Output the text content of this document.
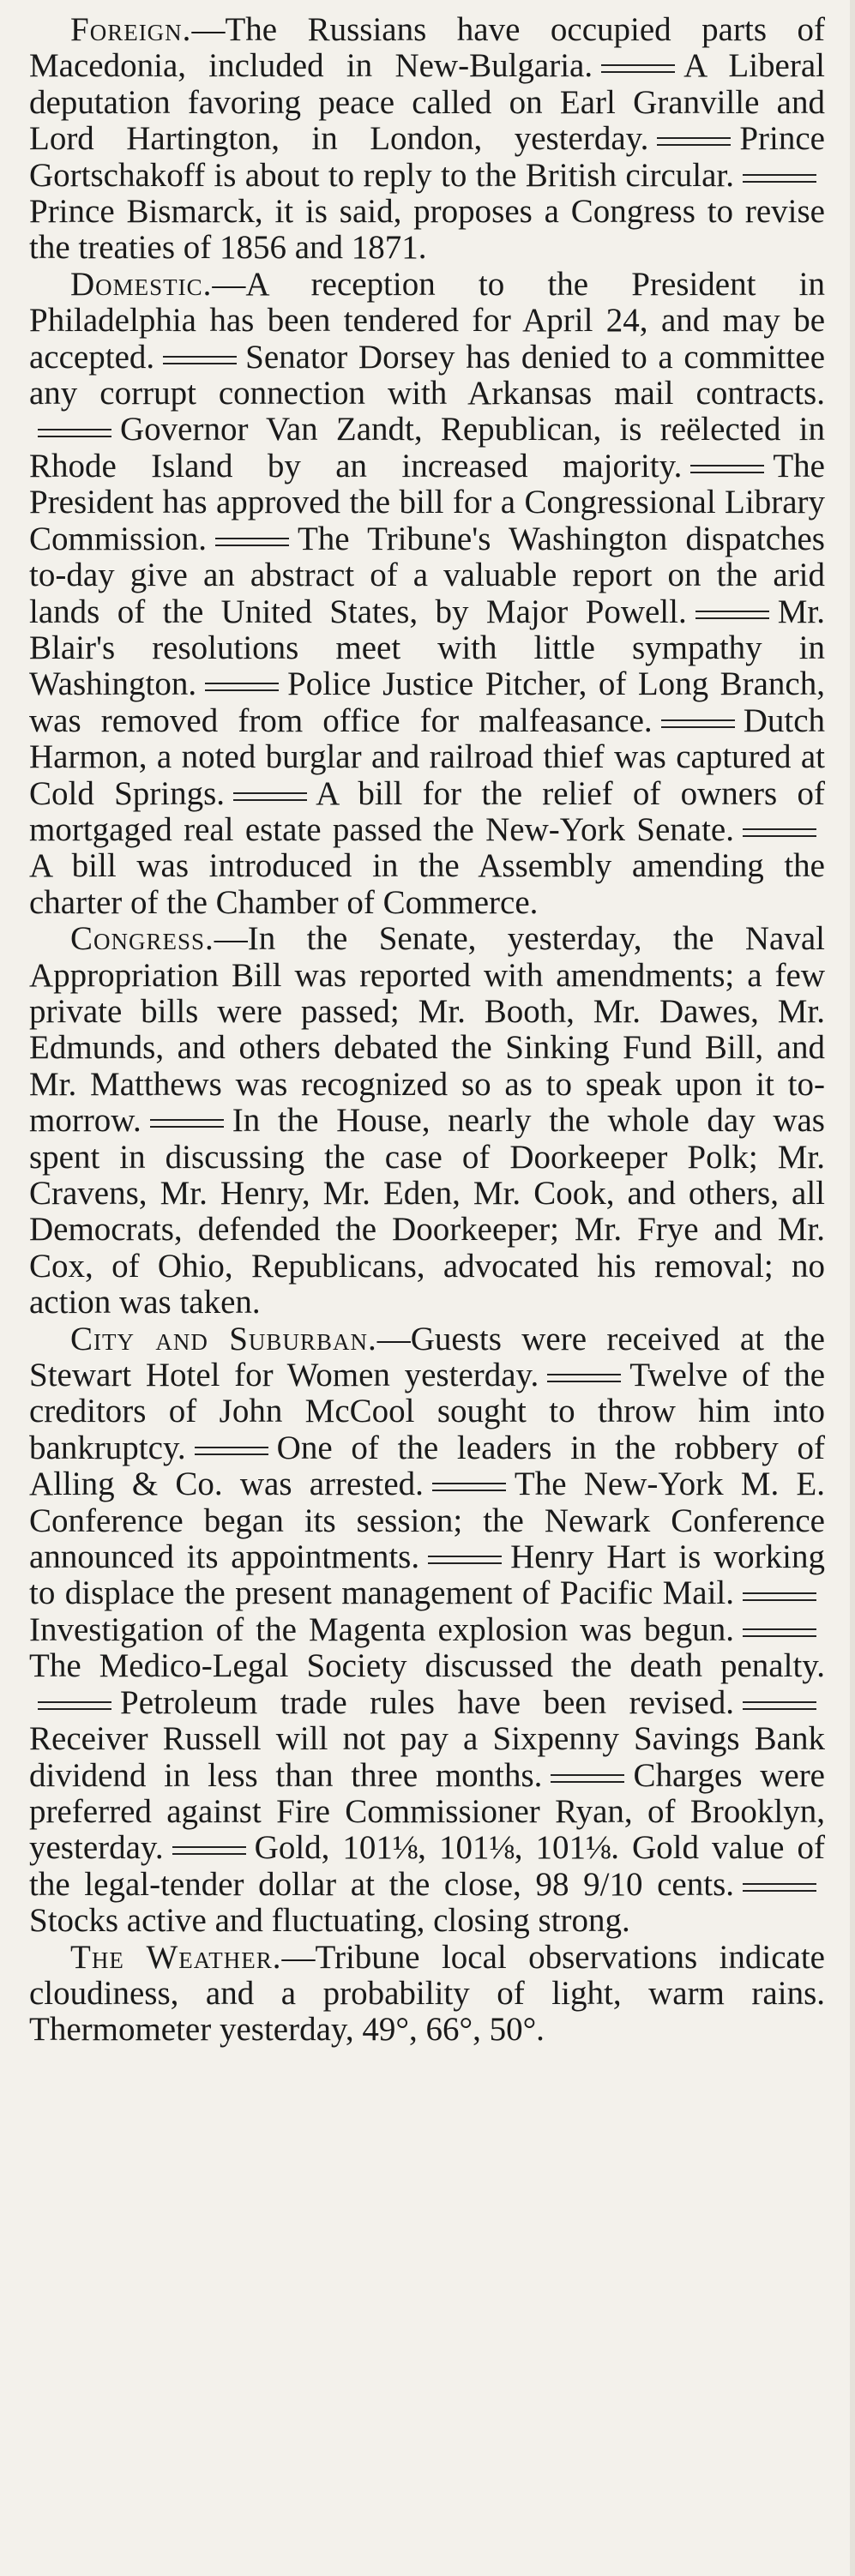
Foreign.—The Russians have occupied parts of Macedonia, included in New-Bulgaria.	A Liberal deputation favoring peace called on Earl Granville and Lord Hartington, in London, yesterday.	Prince Gortschakoff is about to reply to the British circular.Prince Bismarck, it is said, proposes a Congress to revise the treaties of 1856 and 1871.

Domestic.—A reception to the President in Philadelphia has been tendered for April 24, and may be accepted.	Senator Dorsey has denied to a committee any corrupt connection with Arkansas mail contracts.Governor Van Zandt, Republican, is reëlected in Rhode Island by an increased majority.	The President has approved the bill for a Congressional Library Commission.	The Tribune's Washington dispatches to-day give an abstract of a valuable report on the arid lands of the United States, by Major Powell.	Mr. Blair's resolutions meet with little sympathy in Washington.	Police Justice Pitcher, of Long Branch, was removed from office for malfeasance.	Dutch Harmon, a noted burglar and railroad thief was captured at Cold Springs.	A bill for the relief of owners of mortgaged real estate passed the New-York Senate.A bill was introduced in the Assembly amending the charter of the Chamber of Commerce.

Congress.—In the Senate, yesterday, the Naval Appropriation Bill was reported with amendments; a few private bills were passed; Mr. Booth, Mr. Dawes, Mr. Edmunds, and others debated the Sinking Fund Bill, and Mr. Matthews was recognized so as to speak upon it to-morrow.	In the House, nearly the whole day was spent in discussing the case of Doorkeeper Polk; Mr. Cravens, Mr. Henry, Mr. Eden, Mr. Cook, and others, all Democrats, defended the Doorkeeper; Mr. Frye and Mr. Cox, of Ohio, Republicans, advocated his removal; no action was taken.

City and Suburban.—Guests were received at the Stewart Hotel for Women yesterday.	Twelve of the creditors of John McCool sought to throw him into bankruptcy.	One of the leaders in the robbery of Alling & Co. was arrested.	The New-York M. E. Conference began its session; the Newark Conference announced its appointments.	Henry Hart is working to displace the present management of Pacific Mail.Investigation of the Magenta explosion was begun.The Medico-Legal Society discussed the death penalty.Petroleum trade rules have been revised.Receiver Russell will not pay a Sixpenny Savings Bank dividend in less than three months.	Charges were preferred against Fire Commissioner Ryan, of Brooklyn, yesterday.	Gold, 101⅛, 101⅛, 101⅛. Gold value of the legal-tender dollar at the close, 98 9/10 cents.Stocks active and fluctuating, closing strong.

The Weather.—Tribune local observations indicate cloudiness, and a probability of light, warm rains. Thermometer yesterday, 49°, 66°, 50°.
